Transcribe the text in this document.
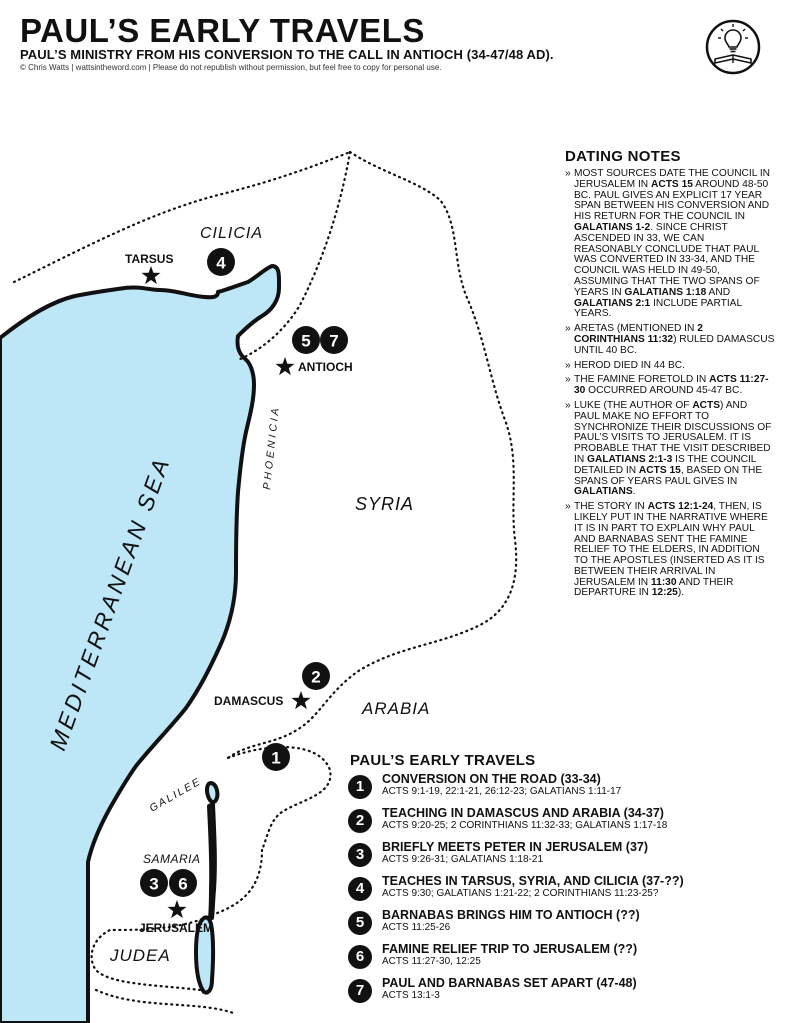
TARSUS
ANTIOCH
DAMASCUS
JERUSALEM
CILICIA
SYRIA
ARABIA
SAMARIA
JUDEA
PHOENICIA
GALILEE
MEDITERRANEAN SEA
4
5 7
2
1
3 6
PAUL’S EARLY TRAVELS
PAUL’S MINISTRY FROM HIS CONVERSION TO THE CALL IN ANTIOCH (34-47/48 AD).
© Chris Watts | wattsintheword.com | Please do not republish without permission, but feel free to copy for personal use.
DATING NOTES
» MOST SOURCES DATE THE COUNCIL IN JERUSALEM IN ACTS 15 AROUND 48-50 BC. PAUL GIVES AN EXPLICIT 17 YEAR SPAN BETWEEN HIS CONVERSION AND HIS RETURN FOR THE COUNCIL IN GALATIANS 1-2. SINCE CHRIST ASCENDED IN 33, WE CAN REASONABLY CONCLUDE THAT PAUL WAS CONVERTED IN 33-34, AND THE COUNCIL WAS HELD IN 49-50, ASSUMING THAT THE TWO SPANS OF YEARS IN GALATIANS 1:18 AND GALATIANS 2:1 INCLUDE PARTIAL YEARS.
» ARETAS (MENTIONED IN 2 CORINTHIANS 11:32) RULED DAMASCUS UNTIL 40 BC.
» HEROD DIED IN 44 BC.
» THE FAMINE FORETOLD IN ACTS 11:27-30 OCCURRED AROUND 45-47 BC.
» LUKE (THE AUTHOR OF ACTS) AND PAUL MAKE NO EFFORT TO SYNCHRONIZE THEIR DISCUSSIONS OF PAUL’S VISITS TO JERUSALEM. IT IS PROBABLE THAT THE VISIT DESCRIBED IN GALATIANS 2:1-3 IS THE COUNCIL DETAILED IN ACTS 15, BASED ON THE SPANS OF YEARS PAUL GIVES IN GALATIANS.
» THE STORY IN ACTS 12:1-24, THEN, IS LIKELY PUT IN THE NARRATIVE WHERE IT IS IN PART TO EXPLAIN WHY PAUL AND BARNABAS SENT THE FAMINE RELIEF TO THE ELDERS, IN ADDITION TO THE APOSTLES (INSERTED AS IT IS BETWEEN THEIR ARRIVAL IN JERUSALEM IN 11:30 AND THEIR DEPARTURE IN 12:25).
PAUL’S EARLY TRAVELS
1	CONVERSION ON THE ROAD (33-34)
ACTS 9:1-19, 22:1-21, 26:12-23; GALATIANS 1:11-17
2	TEACHING IN DAMASCUS AND ARABIA (34-37)
ACTS 9:20-25; 2 CORINTHIANS 11:32-33; GALATIANS 1:17-18
3	BRIEFLY MEETS PETER IN JERUSALEM (37)
ACTS 9:26-31; GALATIANS 1:18-21
4	TEACHES IN TARSUS, SYRIA, AND CILICIA (37-??)
ACTS 9:30; GALATIANS 1:21-22; 2 CORINTHIANS 11:23-25?
5	BARNABAS BRINGS HIM TO ANTIOCH (??)
ACTS 11:25-26
6	FAMINE RELIEF TRIP TO JERUSALEM (??)
ACTS 11:27-30, 12:25
7	PAUL AND BARNABAS SET APART (47-48)
ACTS 13:1-3
